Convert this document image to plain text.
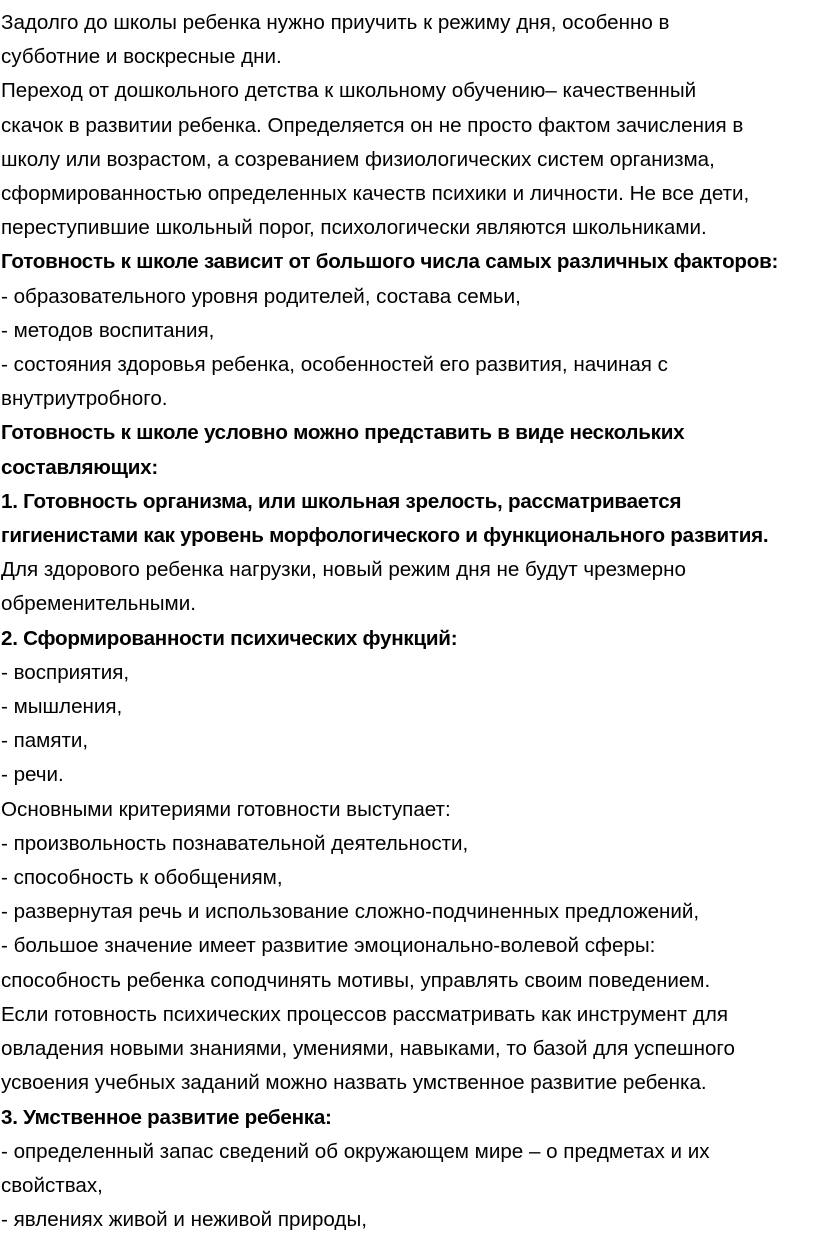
Задолго до школы ребенка нужно приучить к режиму дня, особенно в
субботние и воскресные дни.
Переход от дошкольного детства к школьному обучению– качественный
скачок в развитии ребенка. Определяется он не просто фактом зачисления в
школу или возрастом, а созреванием физиологических систем организма,
сформированностью определенных качеств психики и личности. Не все дети,
переступившие школьный порог, психологически являются школьниками.
Готовность к школе зависит от большого числа самых различных факторов:
- образовательного уровня родителей, состава семьи,
- методов воспитания,
- состояния здоровья ребенка, особенностей его развития, начиная с
внутриутробного.
Готовность к школе условно можно представить в виде нескольких
составляющих:
1. Готовность организма, или школьная зрелость, рассматривается
гигиенистами как уровень морфологического и функционального развития.
Для здорового ребенка нагрузки, новый режим дня не будут чрезмерно
обременительными.
2. Сформированности психических функций:
- восприятия,
- мышления,
- памяти,
- речи.
Основными критериями готовности выступает:
- произвольность познавательной деятельности,
- способность к обобщениям,
- развернутая речь и использование сложно-подчиненных предложений,
- большое значение имеет развитие эмоционально-волевой сферы:
способность ребенка соподчинять мотивы, управлять своим поведением.
Если готовность психических процессов рассматривать как инструмент для
овладения новыми знаниями, умениями, навыками, то базой для успешного
усвоения учебных заданий можно назвать умственное развитие ребенка.
3. Умственное развитие ребенка:
- определенный запас сведений об окружающем мире – о предметах и их
свойствах,
- явлениях живой и неживой природы,
